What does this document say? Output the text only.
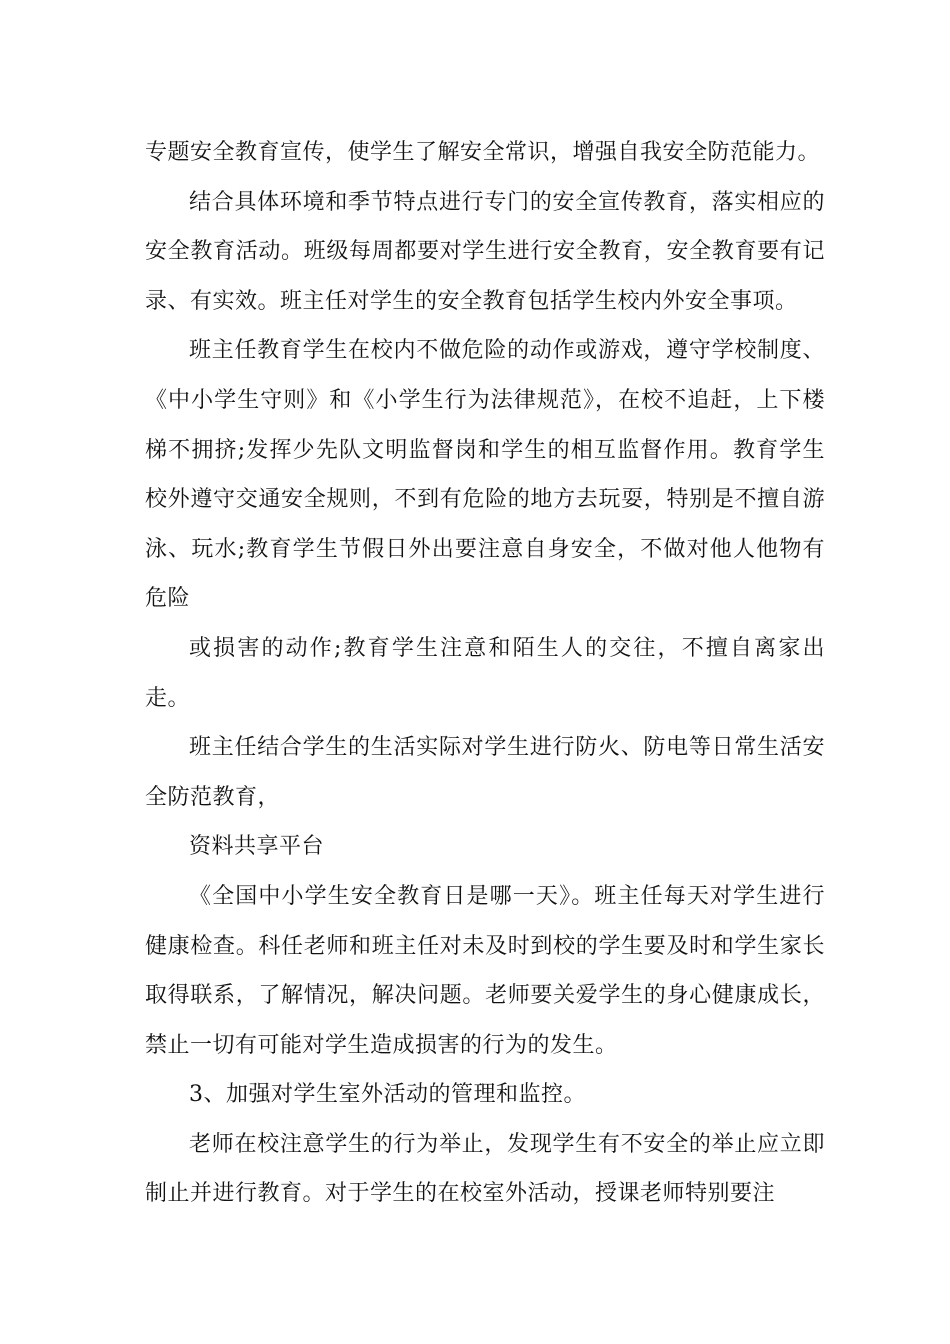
专题安全教育宣传，使学生了解安全常识，增强自我安全防范能力。

结合具体环境和季节特点进行专门的安全宣传教育，落实相应的安全教育活动。班级每周都要对学生进行安全教育，安全教育要有记录、有实效。班主任对学生的安全教育包括学生校内外安全事项。

班主任教育学生在校内不做危险的动作或游戏，遵守学校制度、《中小学生守则》和《小学生行为法律规范》，在校不追赶，上下楼梯不拥挤;发挥少先队文明监督岗和学生的相互监督作用。教育学生校外遵守交通安全规则，不到有危险的地方去玩耍，特别是不擅自游泳、玩水;教育学生节假日外出要注意自身安全，不做对他人他物有危险

或损害的动作;教育学生注意和陌生人的交往，不擅自离家出走。

班主任结合学生的生活实际对学生进行防火、防电等日常生活安全防范教育，

资料共享平台

《全国中小学生安全教育日是哪一天》。班主任每天对学生进行健康检查。科任老师和班主任对未及时到校的学生要及时和学生家长取得联系，了解情况，解决问题。老师要关爱学生的身心健康成长，禁止一切有可能对学生造成损害的行为的发生。

3、加强对学生室外活动的管理和监控。

老师在校注意学生的行为举止，发现学生有不安全的举止应立即制止并进行教育。对于学生的在校室外活动，授课老师特别要注
